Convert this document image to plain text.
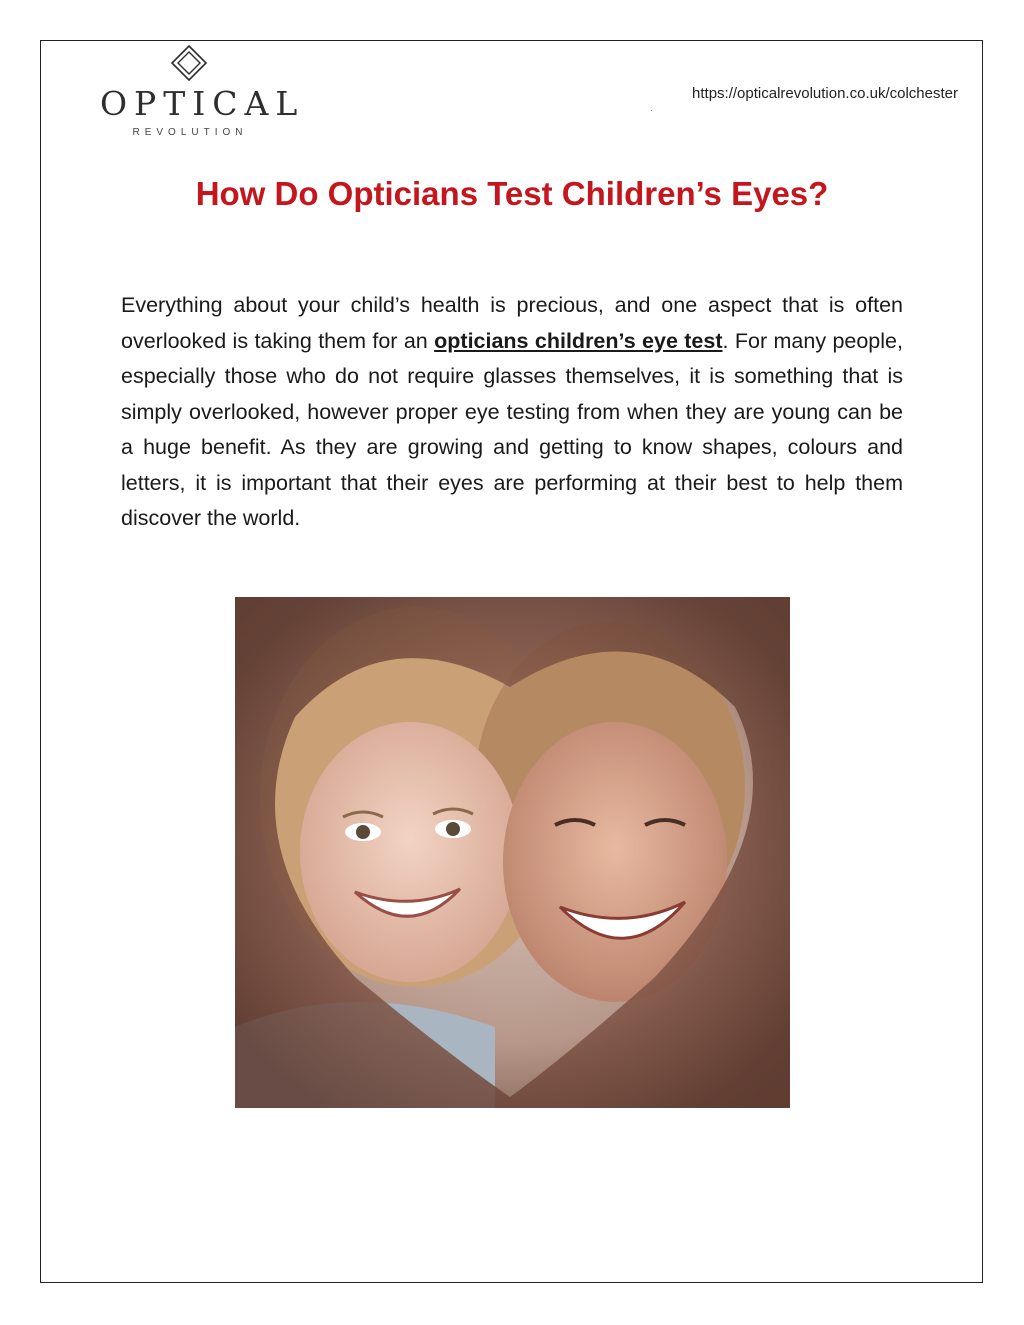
OPTICAL
REVOLUTION
https://opticalrevolution.co.uk/colchester
·
How Do Opticians Test Children’s Eyes?

Everything about your child’s health is precious, and one aspect that is often overlooked is taking them for an opticians children’s eye test. For many people, especially those who do not require glasses themselves, it is something that is simply overlooked, however proper eye testing from when they are young can be a huge benefit. As they are growing and getting to know shapes, colours and letters, it is important that their eyes are performing at their best to help them discover the world.
